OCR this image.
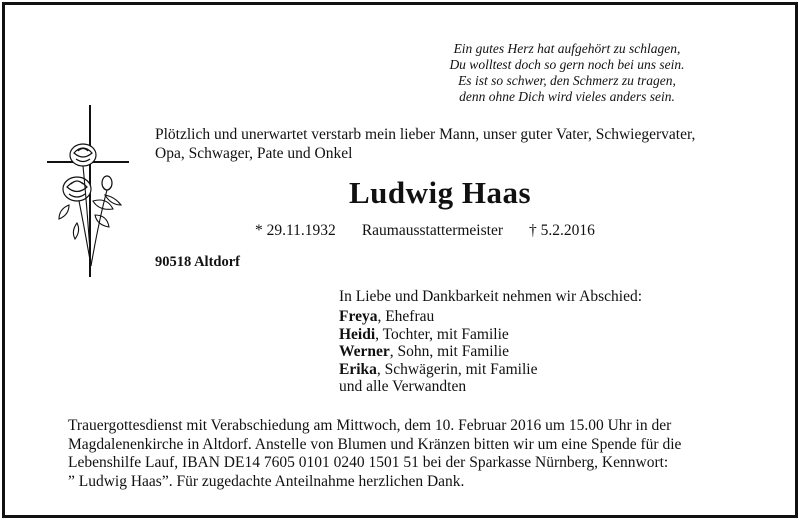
Ein gutes Herz hat aufgehört zu schlagen,
Du wolltest doch so gern noch bei uns sein.
Es ist so schwer, den Schmerz zu tragen,
denn ohne Dich wird vieles anders sein.
Plötzlich und unerwartet verstarb mein lieber Mann, unser guter Vater, Schwiegervater,
Opa, Schwager, Pate und Onkel
Ludwig Haas
* 29.11.1932 Raumausstattermeister † 5.2.2016
90518 Altdorf
In Liebe und Dankbarkeit nehmen wir Abschied:
Freya, Ehefrau
Heidi, Tochter, mit Familie
Werner, Sohn, mit Familie
Erika, Schwägerin, mit Familie
und alle Verwandten
Trauergottesdienst mit Verabschiedung am Mittwoch, dem 10. Februar 2016 um 15.00 Uhr in der
Magdalenenkirche in Altdorf. Anstelle von Blumen und Kränzen bitten wir um eine Spende für die
Lebenshilfe Lauf, IBAN DE14 7605 0101 0240 1501 51 bei der Sparkasse Nürnberg, Kennwort:
” Ludwig Haas”. Für zugedachte Anteilnahme herzlichen Dank.
